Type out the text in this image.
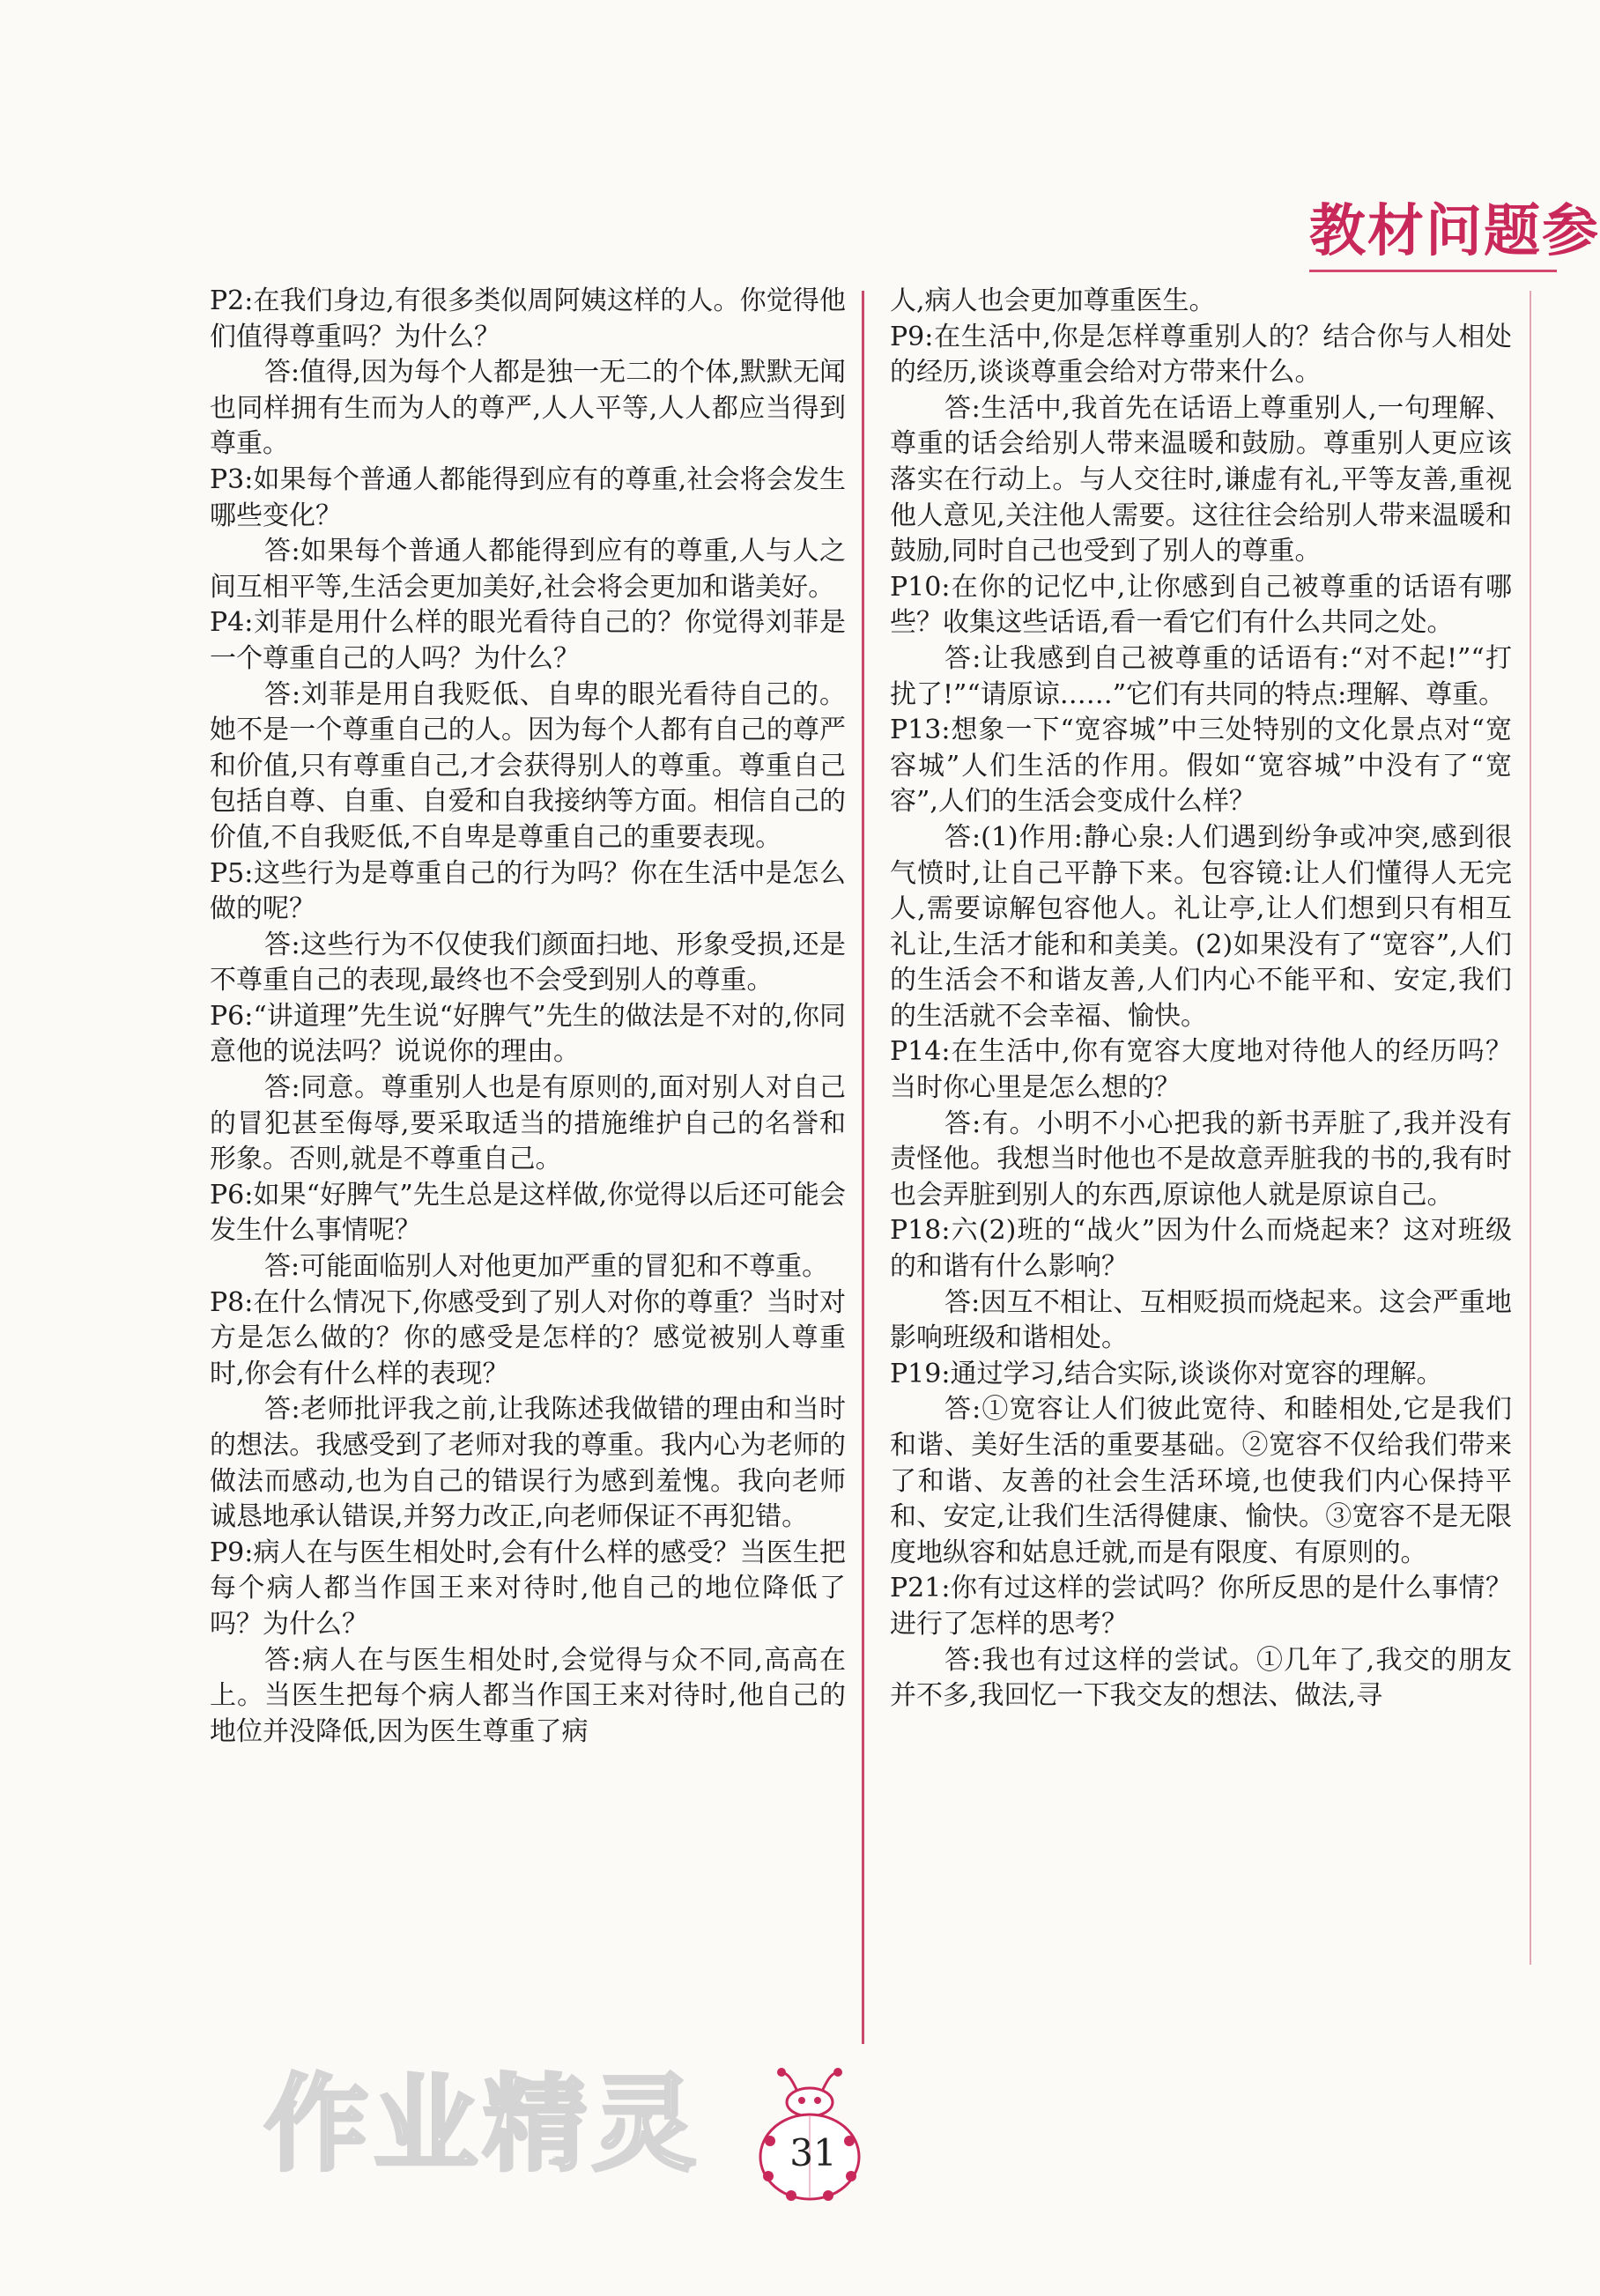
教材问题参

P2:在我们身边,有很多类似周阿姨这样的人。你觉得他们值得尊重吗？为什么？

答:值得,因为每个人都是独一无二的个体,默默无闻也同样拥有生而为人的尊严,人人平等,人人都应当得到尊重。

P3:如果每个普通人都能得到应有的尊重,社会将会发生哪些变化？

答:如果每个普通人都能得到应有的尊重,人与人之间互相平等,生活会更加美好,社会将会更加和谐美好。

P4:刘菲是用什么样的眼光看待自己的？你觉得刘菲是一个尊重自己的人吗？为什么？

答:刘菲是用自我贬低、自卑的眼光看待自己的。她不是一个尊重自己的人。因为每个人都有自己的尊严和价值,只有尊重自己,才会获得别人的尊重。尊重自己包括自尊、自重、自爱和自我接纳等方面。相信自己的价值,不自我贬低,不自卑是尊重自己的重要表现。

P5:这些行为是尊重自己的行为吗？你在生活中是怎么做的呢？

答:这些行为不仅使我们颜面扫地、形象受损,还是不尊重自己的表现,最终也不会受到别人的尊重。

P6:“讲道理”先生说“好脾气”先生的做法是不对的,你同意他的说法吗？说说你的理由。

答:同意。尊重别人也是有原则的,面对别人对自己的冒犯甚至侮辱,要采取适当的措施维护自己的名誉和形象。否则,就是不尊重自己。

P6:如果“好脾气”先生总是这样做,你觉得以后还可能会发生什么事情呢？

答:可能面临别人对他更加严重的冒犯和不尊重。

P8:在什么情况下,你感受到了别人对你的尊重？当时对方是怎么做的？你的感受是怎样的？感觉被别人尊重时,你会有什么样的表现？

答:老师批评我之前,让我陈述我做错的理由和当时的想法。我感受到了老师对我的尊重。我内心为老师的做法而感动,也为自己的错误行为感到羞愧。我向老师诚恳地承认错误,并努力改正,向老师保证不再犯错。

P9:病人在与医生相处时,会有什么样的感受？当医生把每个病人都当作国王来对待时,他自己的地位降低了吗？为什么？

答:病人在与医生相处时,会觉得与众不同,高高在上。当医生把每个病人都当作国王来对待时,他自己的地位并没降低,因为医生尊重了病

人,病人也会更加尊重医生。

P9:在生活中,你是怎样尊重别人的？结合你与人相处的经历,谈谈尊重会给对方带来什么。

答:生活中,我首先在话语上尊重别人,一句理解、尊重的话会给别人带来温暖和鼓励。尊重别人更应该落实在行动上。与人交往时,谦虚有礼,平等友善,重视他人意见,关注他人需要。这往往会给别人带来温暖和鼓励,同时自己也受到了别人的尊重。

P10:在你的记忆中,让你感到自己被尊重的话语有哪些？收集这些话语,看一看它们有什么共同之处。

答:让我感到自己被尊重的话语有:“对不起!”“打扰了!”“请原谅……”它们有共同的特点:理解、尊重。

P13:想象一下“宽容城”中三处特别的文化景点对“宽容城”人们生活的作用。假如“宽容城”中没有了“宽容”,人们的生活会变成什么样？

答:(1)作用:静心泉:人们遇到纷争或冲突,感到很气愤时,让自己平静下来。包容镜:让人们懂得人无完人,需要谅解包容他人。礼让亭,让人们想到只有相互礼让,生活才能和和美美。(2)如果没有了“宽容”,人们的生活会不和谐友善,人们内心不能平和、安定,我们的生活就不会幸福、愉快。

P14:在生活中,你有宽容大度地对待他人的经历吗？当时你心里是怎么想的？

答:有。小明不小心把我的新书弄脏了,我并没有责怪他。我想当时他也不是故意弄脏我的书的,我有时也会弄脏到别人的东西,原谅他人就是原谅自己。

P18:六(2)班的“战火”因为什么而烧起来？这对班级的和谐有什么影响？

答:因互不相让、互相贬损而烧起来。这会严重地影响班级和谐相处。

P19:通过学习,结合实际,谈谈你对宽容的理解。

答:①宽容让人们彼此宽待、和睦相处,它是我们和谐、美好生活的重要基础。②宽容不仅给我们带来了和谐、友善的社会生活环境,也使我们内心保持平和、安定,让我们生活得健康、愉快。③宽容不是无限度地纵容和姑息迁就,而是有限度、有原则的。

P21:你有过这样的尝试吗？你所反思的是什么事情？进行了怎样的思考？

答:我也有过这样的尝试。①几年了,我交的朋友并不多,我回忆一下我交友的想法、做法,寻

作业精灵	31
